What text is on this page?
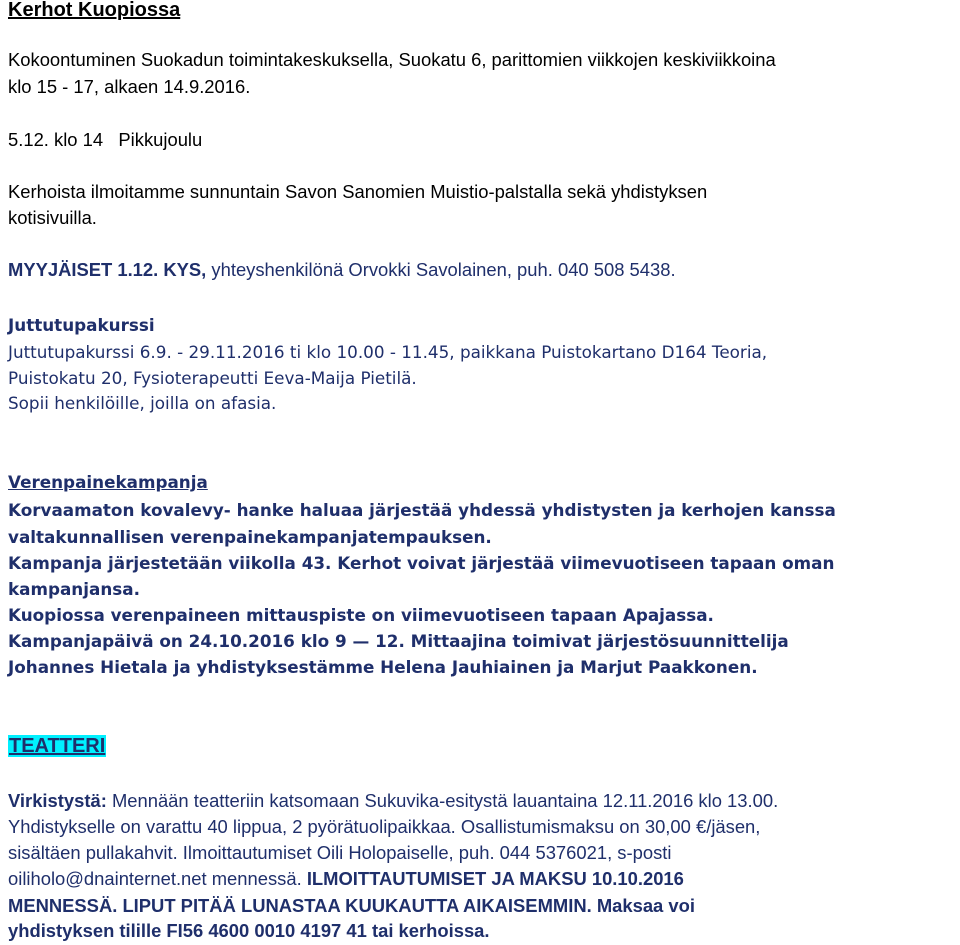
Kerhot Kuopiossa
Kokoontuminen Suokadun toimintakeskuksella, Suokatu 6, parittomien viikkojen keskiviikkoina
klo 15 - 17, alkaen 14.9.2016.
5.12. klo 14   Pikkujoulu
Kerhoista ilmoitamme sunnuntain Savon Sanomien Muistio-palstalla sekä yhdistyksen
kotisivuilla.
MYYJÄISET 1.12. KYS, yhteyshenkilönä Orvokki Savolainen, puh. 040 508 5438.
Juttutupakurssi
Juttutupakurssi 6.9. - 29.11.2016 ti klo 10.00 - 11.45, paikkana Puistokartano D164 Teoria,
Puistokatu 20, Fysioterapeutti Eeva-Maija Pietilä.
Sopii henkilöille, joilla on afasia.
Verenpainekampanja
Korvaamaton kovalevy- hanke haluaa järjestää yhdessä yhdistysten ja kerhojen kanssa
valtakunnallisen verenpainekampanjatempauksen.
Kampanja järjestetään viikolla 43. Kerhot voivat järjestää viimevuotiseen tapaan oman
kampanjansa.
Kuopiossa verenpaineen mittauspiste on viimevuotiseen tapaan Apajassa.
Kampanjapäivä on 24.10.2016 klo 9 — 12. Mittaajina toimivat järjestösuunnittelija
Johannes Hietala ja yhdistyksestämme Helena Jauhiainen ja Marjut Paakkonen.
TEATTERI
Virkistystä: Mennään teatteriin katsomaan Sukuvika-esitystä lauantaina 12.11.2016 klo 13.00.
Yhdistykselle on varattu 40 lippua, 2 pyörätuolipaikkaa. Osallistumismaksu on 30,00 €/jäsen,
sisältäen pullakahvit. Ilmoittautumiset Oili Holopaiselle, puh. 044 5376021, s-posti
oiliholo@dnainternet.net mennessä. ILMOITTAUTUMISET JA MAKSU 10.10.2016
MENNESSÄ. LIPUT PITÄÄ LUNASTAA KUUKAUTTA AIKAISEMMIN. Maksaa voi
yhdistyksen tilille FI56 4600 0010 4197 41 tai kerhoissa.
